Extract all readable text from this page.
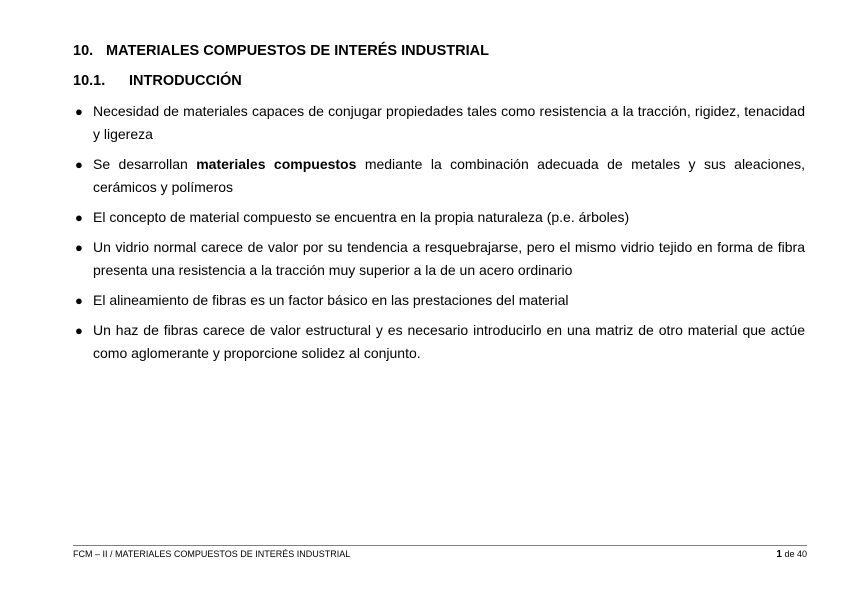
10. MATERIALES COMPUESTOS DE INTERÉS INDUSTRIAL
10.1. INTRODUCCIÓN
● Necesidad de materiales capaces de conjugar propiedades tales como resistencia a la tracción, rigidez, tenacidad y ligereza
● Se desarrollan materiales compuestos mediante la combinación adecuada de metales y sus aleaciones, cerámicos y polímeros
● El concepto de material compuesto se encuentra en la propia naturaleza (p.e. árboles)
● Un vidrio normal carece de valor por su tendencia a resquebrajarse, pero el mismo vidrio tejido en forma de fibra presenta una resistencia a la tracción muy superior a la de un acero ordinario
● El alineamiento de fibras es un factor básico en las prestaciones del material
● Un haz de fibras carece de valor estructural y es necesario introducirlo en una matriz de otro material que actúe como aglomerante y proporcione solidez al conjunto.
FCM – II / MATERIALES COMPUESTOS DE INTERÉS INDUSTRIAL	1 de 40
